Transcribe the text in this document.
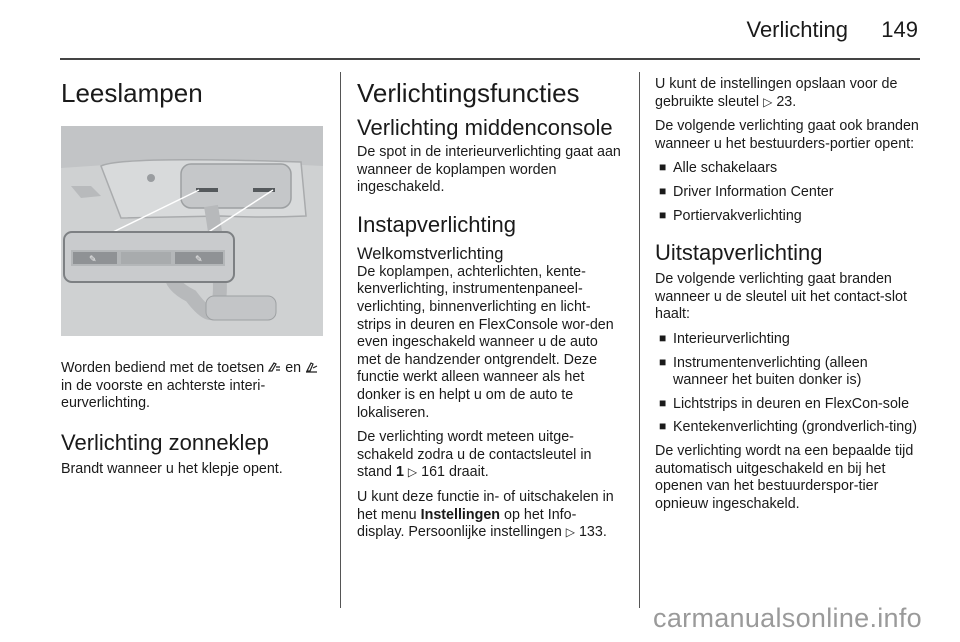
Verlichting 149
Leeslampen
✎	✎

Worden bediend met de toetsen en  in de voorste en achterste interi-eurverlichting.

Verlichting zonneklep

Brandt wanneer u het klepje opent.

Verlichtingsfuncties
Verlichting middenconsole

De spot in de interieurverlichting gaat aan wanneer de koplampen worden ingeschakeld.

Instapverlichting
Welkomstverlichting

De koplampen, achterlichten, kente-kenverlichting, instrumentenpaneel-verlichting, binnenverlichting en licht-strips in deuren en FlexConsole wor-den even ingeschakeld wanneer u de auto met de handzender ontgrendelt. Deze functie werkt alleen wanneer als het donker is en helpt u om de auto te lokaliseren.

De verlichting wordt meteen uitge-schakeld zodra u de contactsleutel in stand 1 ▷ 161 draait.

U kunt deze functie in- of uitschakelen in het menu Instellingen op het Info-display. Persoonlijke instellingen ▷ 133.

U kunt de instellingen opslaan voor de gebruikte sleutel ▷ 23.

De volgende verlichting gaat ook branden wanneer u het bestuurders-portier opent:

■ Alle schakelaars
■ Driver Information Center
■ Portiervakverlichting
Uitstapverlichting

De volgende verlichting gaat branden wanneer u de sleutel uit het contact-slot haalt:

■ Interieurverlichting
■ Instrumentenverlichting (alleen wanneer het buiten donker is)
■ Lichtstrips in deuren en FlexCon-sole
■ Kentekenverlichting (grondverlich-ting)

De verlichting wordt na een bepaalde tijd automatisch uitgeschakeld en bij het openen van het bestuurderspor-tier opnieuw ingeschakeld.

carmanualsonline.info
